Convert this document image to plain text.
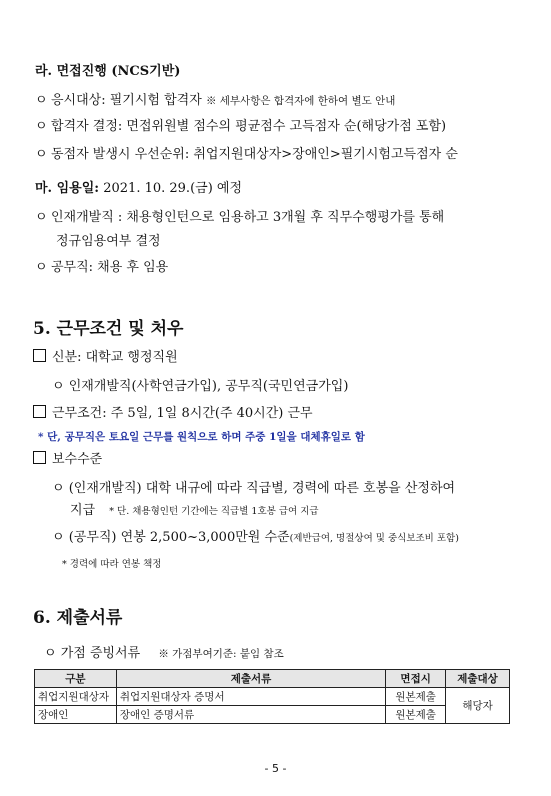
라. 면접진행 (NCS기반)
ㅇ 응시대상: 필기시험 합격자 ※ 세부사항은 합격자에 한하여 별도 안내
ㅇ 합격자 결정: 면접위원별 점수의 평균점수 고득점자 순(해당가점 포함)
ㅇ 동점자 발생시 우선순위: 취업지원대상자>장애인>필기시험고득점자 순
마. 임용일: 2021. 10. 29.(금) 예정
ㅇ 인재개발직 : 채용형인턴으로 임용하고 3개월 후 직무수행평가를 통해
정규임용여부 결정
ㅇ 공무직: 채용 후 임용
5. 근무조건 및 처우
신분: 대학교 행정직원
ㅇ 인재개발직(사학연금가입), 공무직(국민연금가입)
근무조건: 주 5일, 1일 8시간(주 40시간) 근무
* 단, 공무직은 토요일 근무를 원칙으로 하며 주중 1일을 대체휴일로 함
보수수준
ㅇ (인재개발직) 대학 내규에 따라 직급별, 경력에 따른 호봉을 산정하여
지급 * 단. 채용형인턴 기간에는 직급별 1호봉 급여 지급
ㅇ (공무직) 연봉 2,500~3,000만원 수준(제반급여, 명절상여 및 중식보조비 포함)
* 경력에 따라 연봉 책정
6. 제출서류
ㅇ 가점 증빙서류 ※ 가점부여기준: 붙임 참조
구분	제출서류	면접시	제출대상
취업지원대상자	취업지원대상자 증명서	원본제출	해당자
장애인	장애인 증명서류	원본제출	
- 5 -
